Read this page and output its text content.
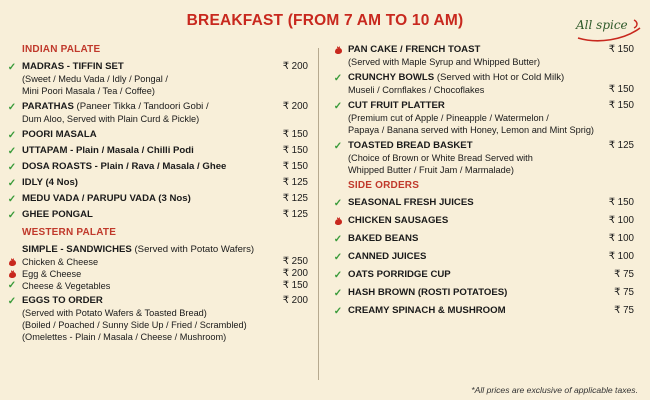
BREAKFAST (FROM 7 AM TO 10 AM)	All spice
INDIAN PALATE
✓ MADRAS - TIFFIN SET
(Sweet / Medu Vada / Idly / Pongal /
Mini Poori Masala / Tea / Coffee)
₹ 200
✓ PARATHAS (Paneer Tikka / Tandoori Gobi /
Dum Aloo, Served with Plain Curd & Pickle)
₹ 200
✓ POORI MASALA	₹ 150
✓ UTTAPAM - Plain / Masala / Chilli Podi	₹ 150
✓ DOSA ROASTS - Plain / Rava / Masala / Ghee	₹ 150
✓ IDLY (4 Nos)	₹ 125
✓ MEDU VADA / PARUPU VADA (3 Nos)	₹ 125
✓ GHEE PONGAL	₹ 125
WESTERN PALATE
SIMPLE - SANDWICHES (Served with Potato Wafers)
Chicken & Cheese	₹ 250
Egg & Cheese	₹ 200
✓ Cheese & Vegetables	₹ 150
✓ EGGS TO ORDER
(Served with Potato Wafers & Toasted Bread)
(Boiled / Poached / Sunny Side Up / Fried / Scrambled)
(Omelettes - Plain / Masala / Cheese / Mushroom)
₹ 200
PAN CAKE / FRENCH TOAST
(Served with Maple Syrup and Whipped Butter)
₹ 150
✓ CRUNCHY BOWLS (Served with Hot or Cold Milk)
Museli / Cornflakes / Chocoflakes	₹ 150
✓ CUT FRUIT PLATTER
(Premium cut of Apple / Pineapple / Watermelon /
Papaya / Banana served with Honey, Lemon and Mint Sprig)
₹ 150
✓ TOASTED BREAD BASKET
(Choice of Brown or White Bread Served with
Whipped Butter / Fruit Jam / Marmalade)
₹ 125
SIDE ORDERS
✓ SEASONAL FRESH JUICES	₹ 150
CHICKEN SAUSAGES	₹ 100
✓ BAKED BEANS	₹ 100
✓ CANNED JUICES	₹ 100
✓ OATS PORRIDGE CUP	₹ 75
✓ HASH BROWN (ROSTI POTATOES)	₹ 75
✓ CREAMY SPINACH & MUSHROOM	₹ 75
*All prices are exclusive of applicable taxes.
